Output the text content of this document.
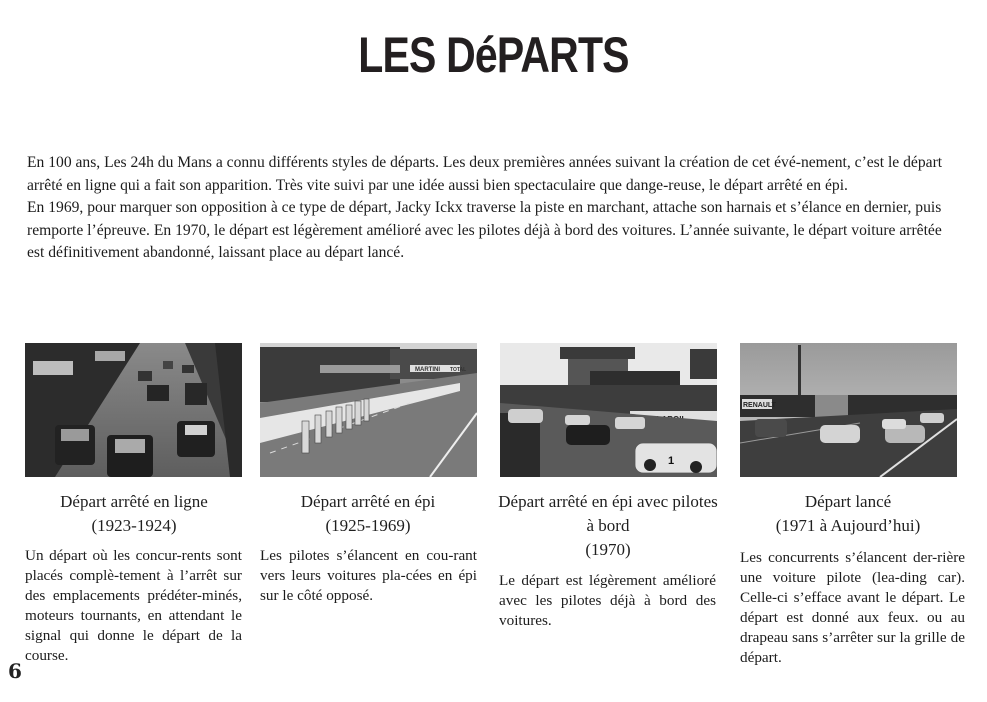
LES DéPARTS

En 100 ans, Les 24h du Mans a connu différents styles de départs. Les deux premières années suivant la création de cet évé-nement, c’est le départ arrêté en ligne qui a fait son apparition. Très vite suivi par une idée aussi bien spectaculaire que dange-reuse, le départ arrêté en épi.

En 1969, pour marquer son opposition à ce type de départ, Jacky Ickx traverse la piste en marchant, attache son harnais et s’élance en dernier, puis remporte l’épreuve. En 1970, le départ est légèrement amélioré avec les pilotes déjà à bord des voitures. L’année suivante, le départ voiture arrêtée est définitivement abandonné, laissant place au départ lancé.

MARTINI TOTAL
1
RENAULT
Départ arrêté en ligne
(1923-1924)
Un départ où les concur-rents sont placés complè-tement à l’arrêt sur des emplacements prédéter-minés, moteurs tournants, en attendant le signal qui donne le départ de la course.
Départ arrêté en épi
(1925-1969)
Les pilotes s’élancent en cou-rant vers leurs voitures pla-cées en épi sur le côté opposé.
Départ arrêté en épi avec pilotes à bord
(1970)
Le départ est légèrement amélioré avec les pilotes déjà à bord des voitures.
Départ lancé
(1971 à Aujourd’hui)
Les concurrents s’élancent der-rière une voiture pilote (lea-ding car). Celle-ci s’efface avant le départ. Le départ est donné aux feux. ou au drapeau sans s’arrêter sur la grille de départ.
6
